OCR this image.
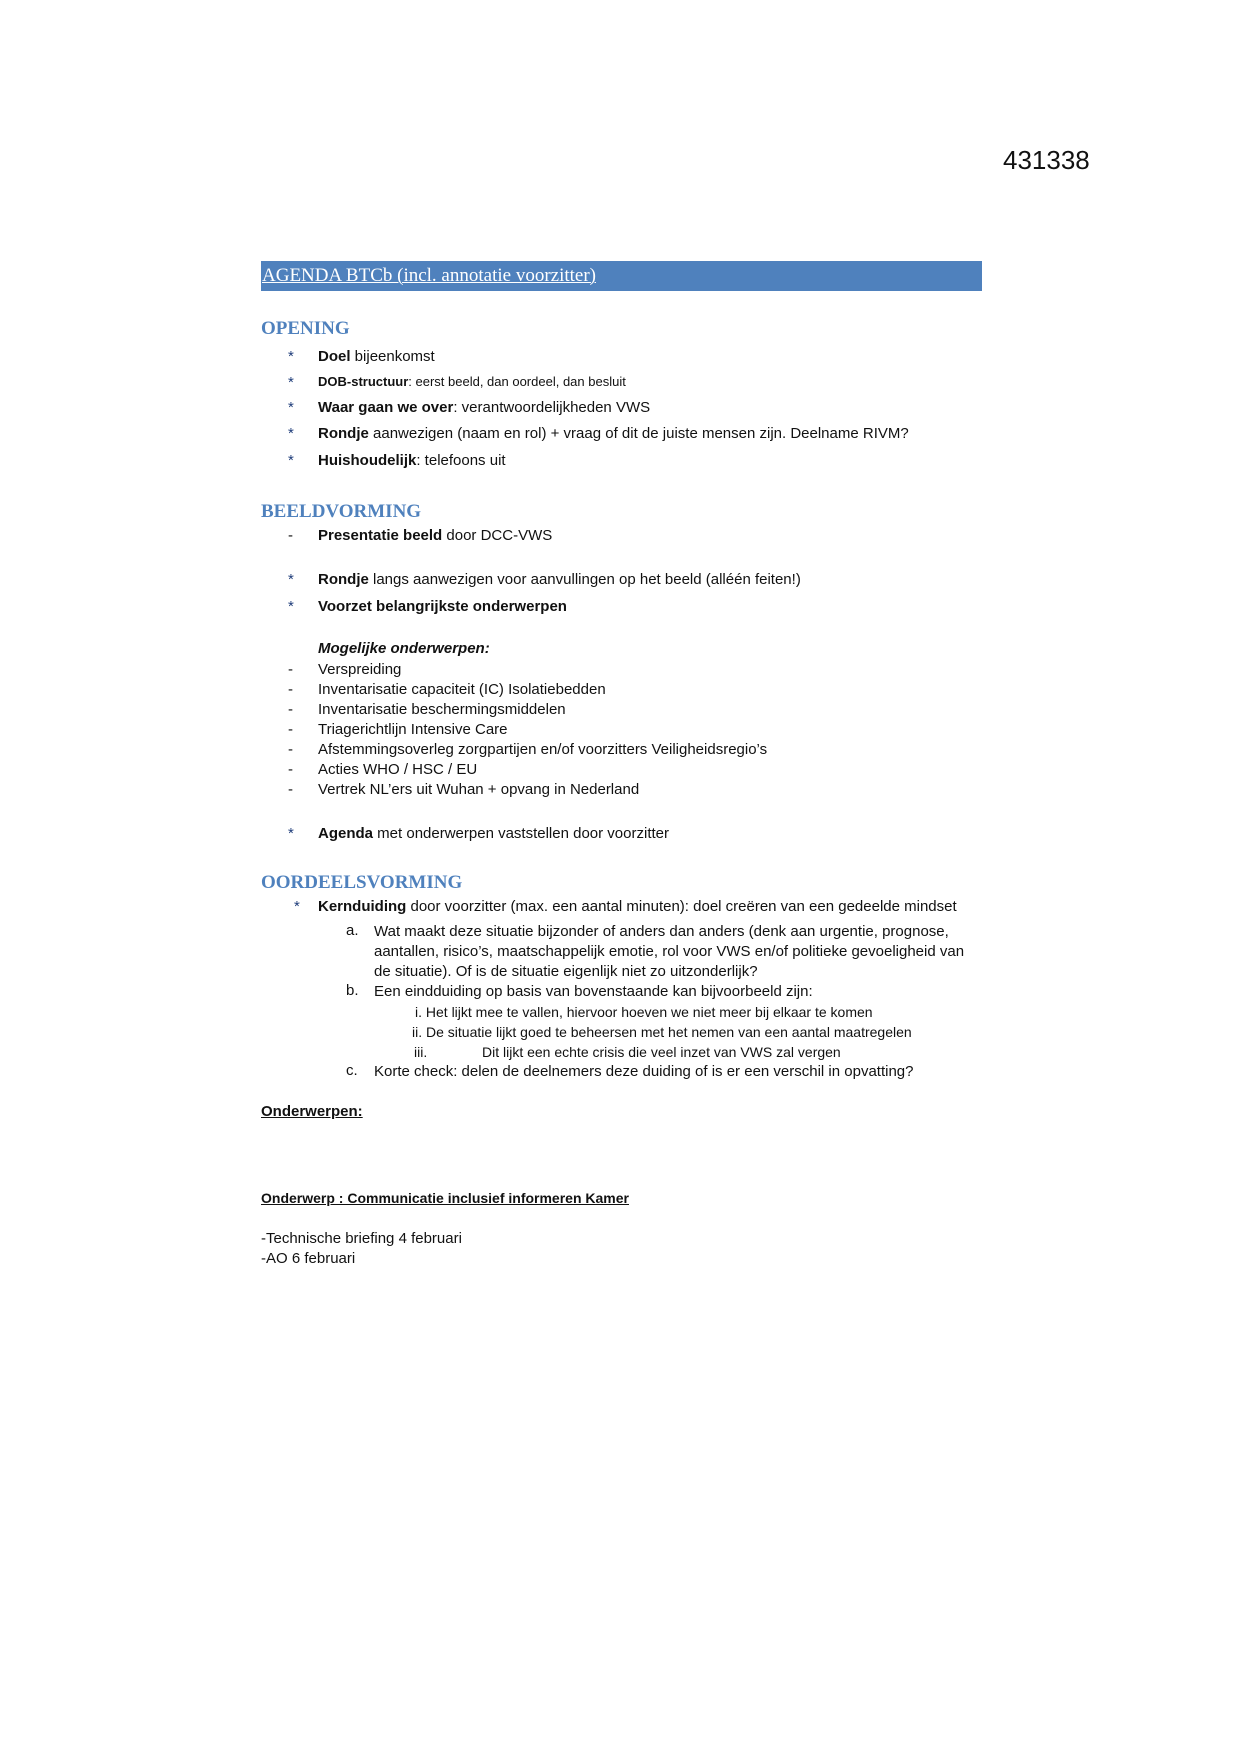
431338
AGENDA BTCb (incl. annotatie voorzitter)
OPENING
* Doel bijeenkomst
* DOB-structuur: eerst beeld, dan oordeel, dan besluit
* Waar gaan we over: verantwoordelijkheden VWS
* Rondje aanwezigen (naam en rol) + vraag of dit de juiste mensen zijn. Deelname RIVM?
* Huishoudelijk: telefoons uit
BEELDVORMING
- Presentatie beeld door DCC-VWS
* Rondje langs aanwezigen voor aanvullingen op het beeld (alléén feiten!)
* Voorzet belangrijkste onderwerpen
Mogelijke onderwerpen:
- Verspreiding
- Inventarisatie capaciteit (IC) Isolatiebedden
- Inventarisatie beschermingsmiddelen
- Triagerichtlijn Intensive Care
- Afstemmingsoverleg zorgpartijen en/of voorzitters Veiligheidsregio’s
- Acties WHO / HSC / EU
- Vertrek NL’ers uit Wuhan + opvang in Nederland
* Agenda met onderwerpen vaststellen door voorzitter
OORDEELSVORMING
* Kernduiding door voorzitter (max. een aantal minuten): doel creëren van een gedeelde mindset
a. Wat maakt deze situatie bijzonder of anders dan anders (denk aan urgentie, prognose,
aantallen, risico’s, maatschappelijk emotie, rol voor VWS en/of politieke gevoeligheid van
de situatie). Of is de situatie eigenlijk niet zo uitzonderlijk?
b. Een eindduiding op basis van bovenstaande kan bijvoorbeeld zijn:
i. Het lijkt mee te vallen, hiervoor hoeven we niet meer bij elkaar te komen
ii. De situatie lijkt goed te beheersen met het nemen van een aantal maatregelen
iii.	Dit lijkt een echte crisis die veel inzet van VWS zal vergen
c. Korte check: delen de deelnemers deze duiding of is er een verschil in opvatting?
Onderwerpen:
Onderwerp : Communicatie inclusief informeren Kamer
-Technische briefing 4 februari
-AO 6 februari
